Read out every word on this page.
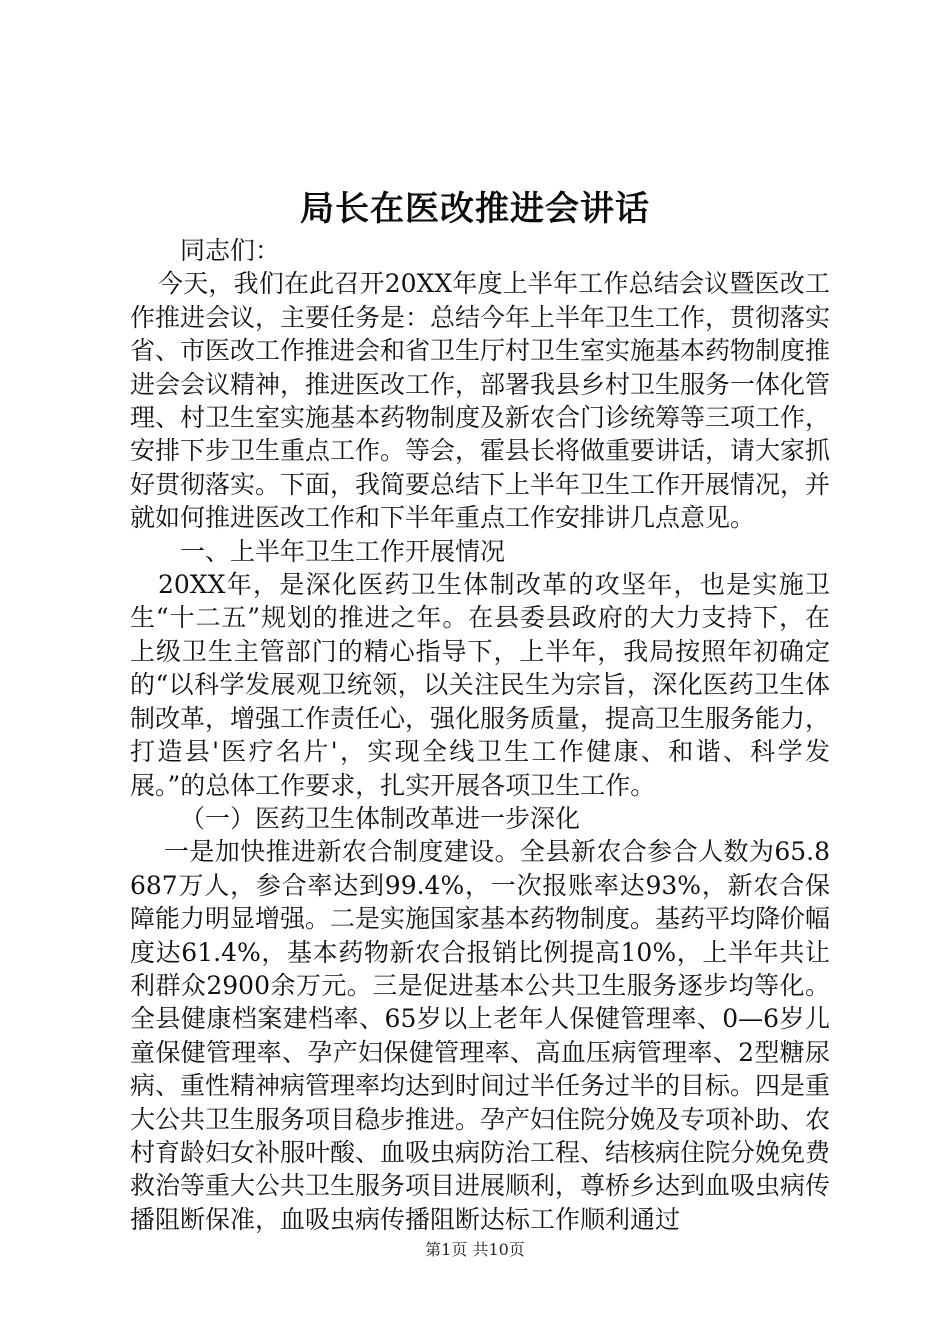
局长在医改推进会讲话

同志们：

今天，我们在此召开20XX年度上半年工作总结会议暨医改工作推进会议，主要任务是：总结今年上半年卫生工作，贯彻落实省、市医改工作推进会和省卫生厅村卫生室实施基本药物制度推进会会议精神，推进医改工作，部署我县乡村卫生服务一体化管理、村卫生室实施基本药物制度及新农合门诊统筹等三项工作，安排下步卫生重点工作。等会，霍县长将做重要讲话，请大家抓好贯彻落实。下面，我简要总结下上半年卫生工作开展情况，并就如何推进医改工作和下半年重点工作安排讲几点意见。

一、上半年卫生工作开展情况

20XX年，是深化医药卫生体制改革的攻坚年，也是实施卫生“十二五”规划的推进之年。在县委县政府的大力支持下，在上级卫生主管部门的精心指导下，上半年，我局按照年初确定的“以科学发展观卫统领，以关注民生为宗旨，深化医药卫生体制改革，增强工作责任心，强化服务质量，提高卫生服务能力，打造县'医疗名片'，实现全线卫生工作健康、和谐、科学发展。”的总体工作要求，扎实开展各项卫生工作。

（一）医药卫生体制改革进一步深化

一是加快推进新农合制度建设。全县新农合参合人数为65.8687万人，参合率达到99.4%，一次报账率达93%，新农合保障能力明显增强。二是实施国家基本药物制度。基药平均降价幅度达61.4%，基本药物新农合报销比例提高10%，上半年共让利群众2900余万元。三是促进基本公共卫生服务逐步均等化。全县健康档案建档率、65岁以上老年人保健管理率、0—6岁儿童保健管理率、孕产妇保健管理率、高血压病管理率、2型糖尿病、重性精神病管理率均达到时间过半任务过半的目标。四是重大公共卫生服务项目稳步推进。孕产妇住院分娩及专项补助、农村育龄妇女补服叶酸、血吸虫病防治工程、结核病住院分娩免费救治等重大公共卫生服务项目进展顺利，尊桥乡达到血吸虫病传播阻断保准，血吸虫病传播阻断达标工作顺利通过

第1页 共10页
